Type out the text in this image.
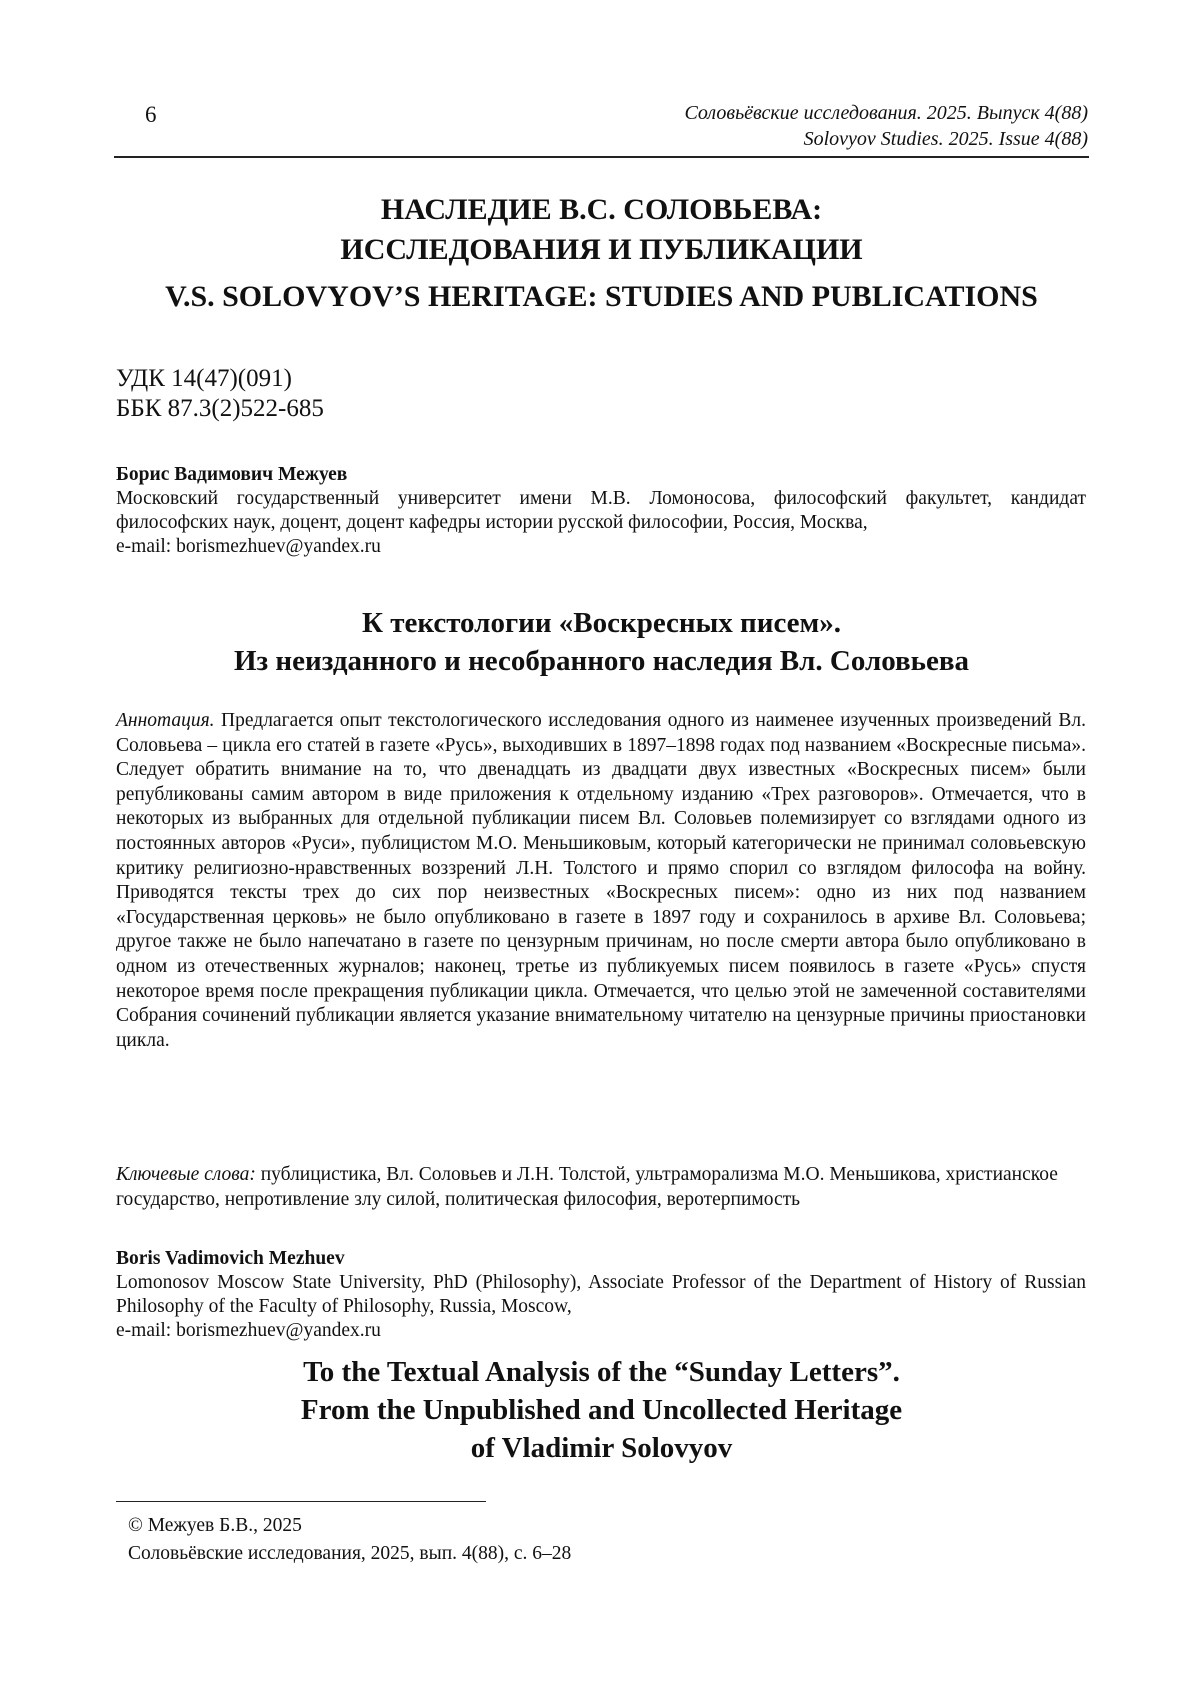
6	Соловьёвские исследования. 2025. Выпуск 4(88)
Solovyov Studies. 2025. Issue 4(88)
НАСЛЕДИЕ В.С. СОЛОВЬЕВА:
ИССЛЕДОВАНИЯ И ПУБЛИКАЦИИ
V.S. SOLOVYOV’S HERITAGE: STUDIES AND PUBLICATIONS
УДК 14(47)(091)
ББК 87.3(2)522-685
Борис Вадимович Межуев
Московский государственный университет имени М.В. Ломоносова, философский факультет, кандидат философских наук, доцент, доцент кафедры истории русской философии, Россия, Москва,
e-mail: borismezhuev@yandex.ru
К текстологии «Воскресных писем».
Из неизданного и несобранного наследия Вл. Соловьева
Аннотация. Предлагается опыт текстологического исследования одного из наименее изученных произведений Вл. Соловьева – цикла его статей в газете «Русь», выходивших в 1897–1898 годах под названием «Воскресные письма». Следует обратить внимание на то, что двенадцать из двадцати двух известных «Воскресных писем» были републикованы самим автором в виде приложения к отдельному изданию «Трех разговоров». Отмечается, что в некоторых из выбранных для отдельной публикации писем Вл. Соловьев полемизирует со взглядами одного из постоянных авторов «Руси», публицистом М.О. Меньшиковым, который категорически не принимал соловьевскую критику религиозно-нравственных воззрений Л.Н. Толстого и прямо спорил со взглядом философа на войну. Приводятся тексты трех до сих пор неизвестных «Воскресных писем»: одно из них под названием «Государственная церковь» не было опубликовано в газете в 1897 году и сохранилось в архиве Вл. Соловьева; другое также не было напечатано в газете по цензурным причинам, но после смерти автора было опубликовано в одном из отечественных журналов; наконец, третье из публикуемых писем появилось в газете «Русь» спустя некоторое время после прекращения публикации цикла. Отмечается, что целью этой не замеченной составителями Собрания сочинений публикации является указание внимательному читателю на цензурные причины приостановки цикла.
Ключевые слова: публицистика, Вл. Соловьев и Л.Н. Толстой, ультраморализма М.О. Меньшикова, христианское государство, непротивление злу силой, политическая философия, веротерпимость
Boris Vadimovich Mezhuev
Lomonosov Moscow State University, PhD (Philosophy), Associate Professor of the Department of History of Russian Philosophy of the Faculty of Philosophy, Russia, Moscow,
e-mail: borismezhuev@yandex.ru
To the Textual Analysis of the “Sunday Letters”.
From the Unpublished and Uncollected Heritage
of Vladimir Solovyov
© Межуев Б.В., 2025
Соловьёвские исследования, 2025, вып. 4(88), с. 6–28
